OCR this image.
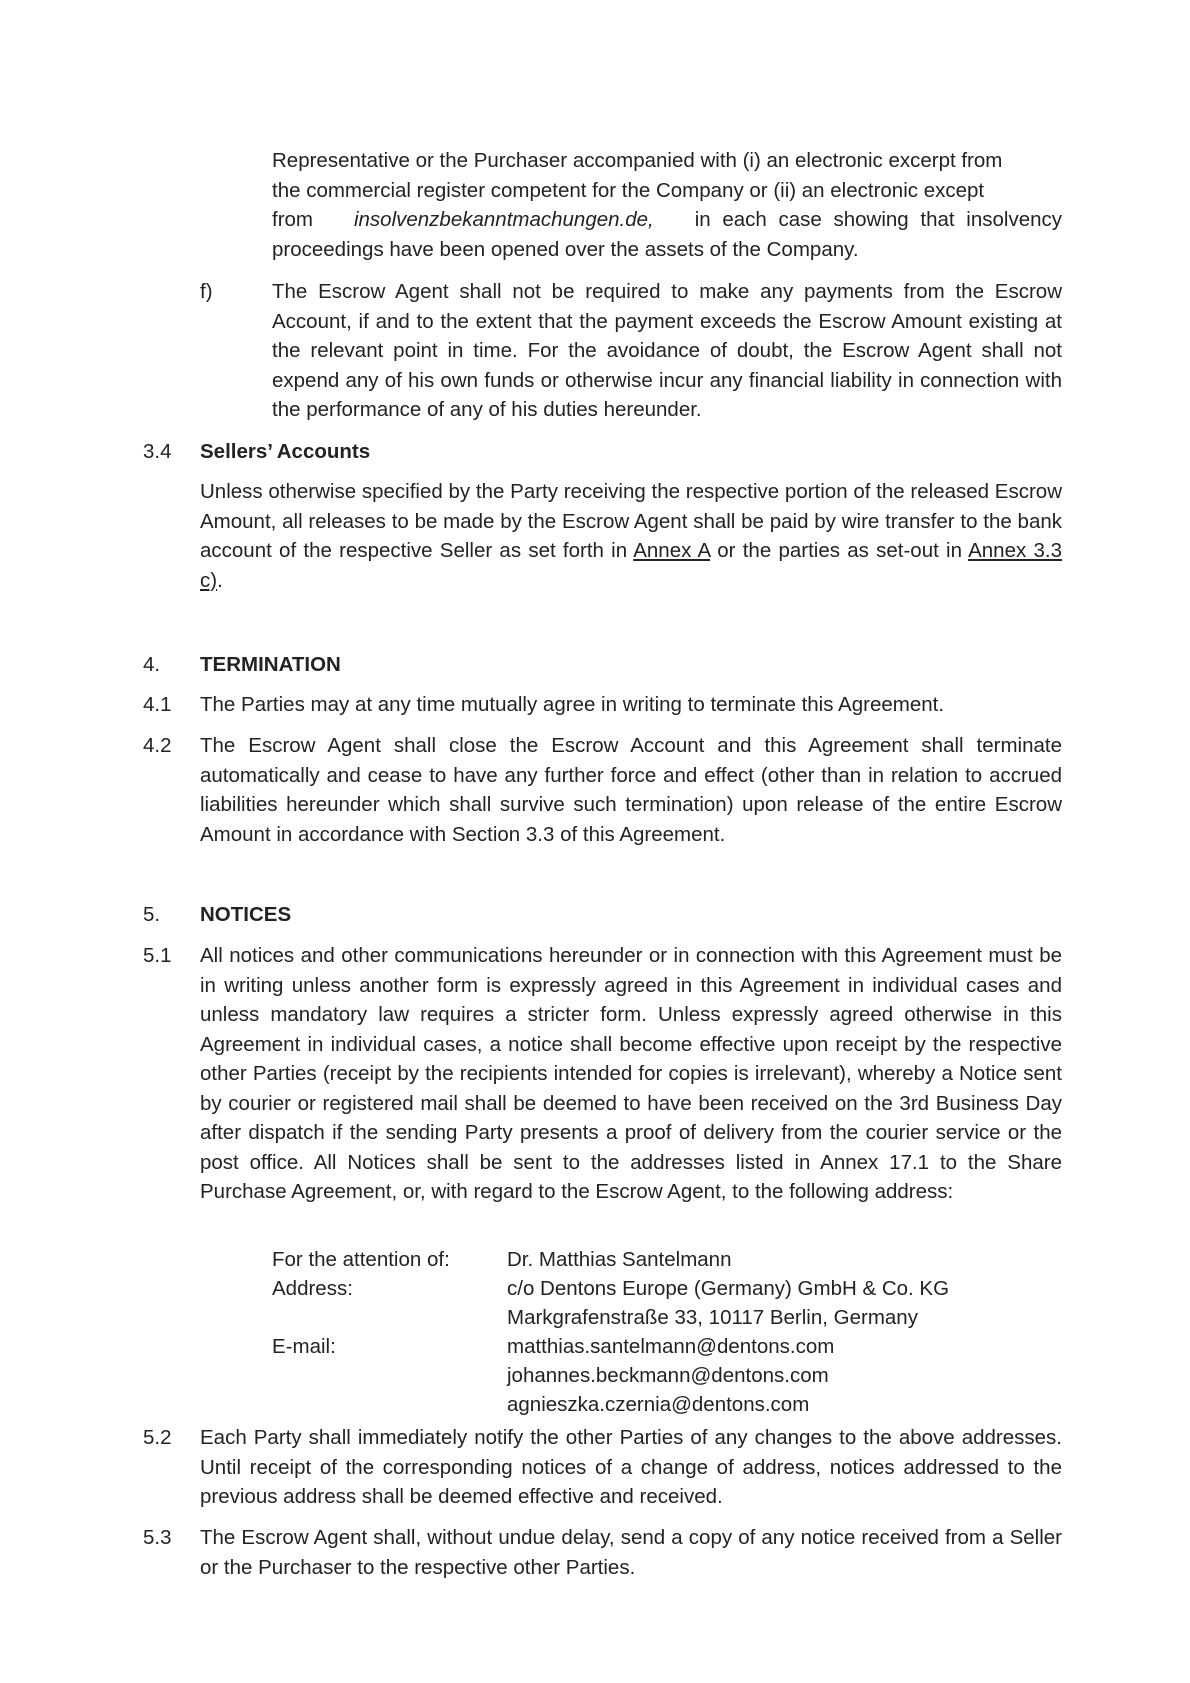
Representative or the Purchaser accompanied with (i) an electronic excerpt from

the commercial register competent for the Company or (ii) an electronic except

from insolvenzbekanntmachungen.de, in each case showing that insolvency

proceedings have been opened over the assets of the Company.

f)	The Escrow Agent shall not be required to make any payments from the Escrow Account, if and to the extent that the payment exceeds the Escrow Amount existing at the relevant point in time. For the avoidance of doubt, the Escrow Agent shall not expend any of his own funds or otherwise incur any financial liability in connection with the performance of any of his duties hereunder.

3.4 Sellers’ Accounts

Unless otherwise specified by the Party receiving the respective portion of the released Escrow Amount, all releases to be made by the Escrow Agent shall be paid by wire transfer to the bank account of the respective Seller as set forth in Annex A or the parties as set-out in Annex 3.3 c).

4. TERMINATION
4.1 The Parties may at any time mutually agree in writing to terminate this Agreement.

4.2 The Escrow Agent shall close the Escrow Account and this Agreement shall terminate automatically and cease to have any further force and effect (other than in relation to accrued liabilities hereunder which shall survive such termination) upon release of the entire Escrow Amount in accordance with Section 3.3 of this Agreement.

5. NOTICES
5.1 All notices and other communications hereunder or in connection with this Agreement must be in writing unless another form is expressly agreed in this Agreement in individual cases and unless mandatory law requires a stricter form. Unless expressly agreed otherwise in this Agreement in individual cases, a notice shall become effective upon receipt by the respective other Parties (receipt by the recipients intended for copies is irrelevant), whereby a Notice sent by courier or registered mail shall be deemed to have been received on the 3rd Business Day after dispatch if the sending Party presents a proof of delivery from the courier service or the post office. All Notices shall be sent to the addresses listed in Annex 17.1 to the Share Purchase Agreement, or, with regard to the Escrow Agent, to the following address:

For the attention of:	Dr. Matthias Santelmann
Address:	c/o Dentons Europe (Germany) GmbH & Co. KG
Markgrafenstraße 33, 10117 Berlin, Germany
E-mail:	matthias.santelmann@dentons.com
johannes.beckmann@dentons.com
agnieszka.czernia@dentons.com
5.2 Each Party shall immediately notify the other Parties of any changes to the above addresses. Until receipt of the corresponding notices of a change of address, notices addressed to the previous address shall be deemed effective and received.

5.3 The Escrow Agent shall, without undue delay, send a copy of any notice received from a Seller or the Purchaser to the respective other Parties.
